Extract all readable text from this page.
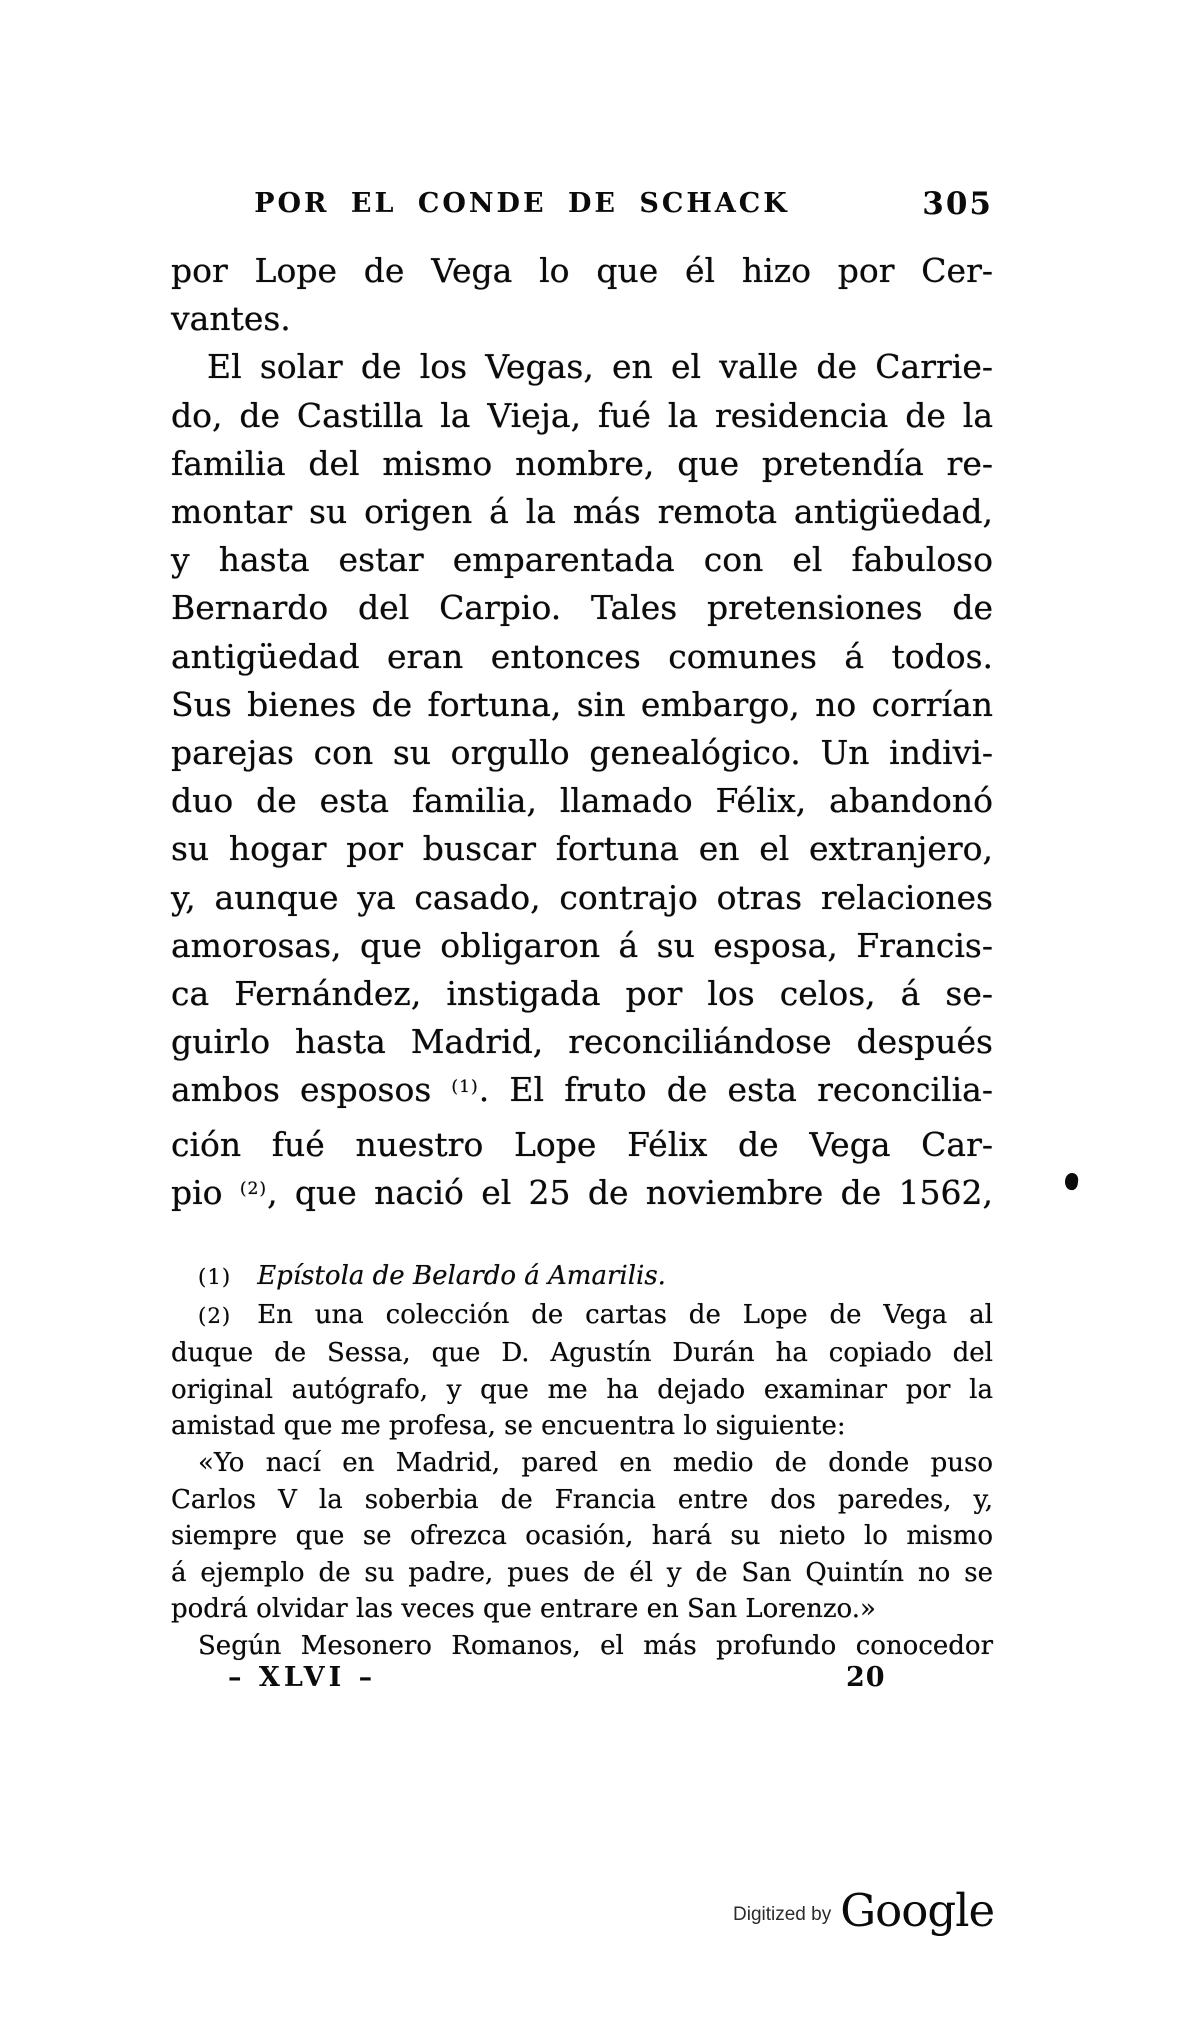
POR EL CONDE DE SCHACK	305
por Lope de Vega lo que él hizo por Cer-
vantes.
El solar de los Vegas, en el valle de Carrie-
do, de Castilla la Vieja, fué la residencia de la
familia del mismo nombre, que pretendía re-
montar su origen á la más remota antigüedad,
y hasta estar emparentada con el fabuloso
Bernardo del Carpio. Tales pretensiones de
antigüedad eran entonces comunes á todos.
Sus bienes de fortuna, sin embargo, no corrían
parejas con su orgullo genealógico. Un indivi-
duo de esta familia, llamado Félix, abandonó
su hogar por buscar fortuna en el extranjero,
y, aunque ya casado, contrajo otras relaciones
amorosas, que obligaron á su esposa, Francis-
ca Fernández, instigada por los celos, á se-
guirlo hasta Madrid, reconciliándose después
ambos esposos $^{(1)}$. El fruto de esta reconcilia-
ción fué nuestro Lope Félix de Vega Car-
pio $^{(2)}$, que nació el 25 de noviembre de 1562,
(1) Epístola de Belardo á Amarilis.
(2) En una colección de cartas de Lope de Vega al
duque de Sessa, que D. Agustín Durán ha copiado del
original autógrafo, y que me ha dejado examinar por la
amistad que me profesa, se encuentra lo siguiente:
«Yo nací en Madrid, pared en medio de donde puso
Carlos V la soberbia de Francia entre dos paredes, y,
siempre que se ofrezca ocasión, hará su nieto lo mismo
á ejemplo de su padre, pues de él y de San Quintín no se
podrá olvidar las veces que entrare en San Lorenzo.»
Según Mesonero Romanos, el más profundo conocedor
– XLVI –	20
Digitized by Google
